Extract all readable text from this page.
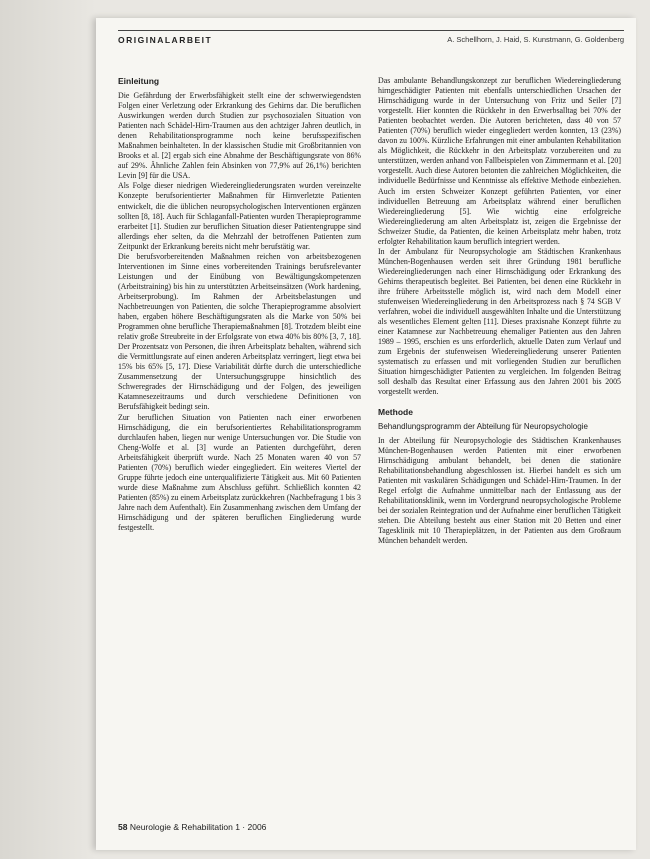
ORIGINALARBEIT	A. Schellhorn, J. Haid, S. Kunstmann, G. Goldenberg
Einleitung

Die Gefährdung der Erwerbsfähigkeit stellt eine der schwerwiegendsten Folgen einer Verletzung oder Erkrankung des Gehirns dar. Die beruflichen Auswirkungen werden durch Studien zur psychosozialen Situation von Patienten nach Schädel-Hirn-Traumen aus den achtziger Jahren deutlich, in denen Rehabilitationsprogramme noch keine berufsspezifischen Maßnahmen beinhalteten. In der klassischen Studie mit Großbritannien von Brooks et al. [2] ergab sich eine Abnahme der Beschäftigungsrate von 86% auf 29%. Ähnliche Zahlen fein Absinken von 77,9% auf 26,1%) berichten Levin [9] für die USA.

Als Folge dieser niedrigen Wiedereingliederungsraten wurden vereinzelte Konzepte berufsorientierter Maßnahmen für Hirnverletzte Patienten entwickelt, die die üblichen neuropsychologischen Interventionen ergänzen sollten [8, 18]. Auch für Schlaganfall-Patienten wurden Therapieprogramme erarbeitet [1]. Studien zur beruflichen Situation dieser Patientengruppe sind allerdings eher selten, da die Mehrzahl der betroffenen Patienten zum Zeitpunkt der Erkrankung bereits nicht mehr berufstätig war.

Die berufsvorbereitenden Maßnahmen reichen von arbeitsbezogenen Interventionen im Sinne eines vorbereitenden Trainings berufsrelevanter Leistungen und der Einübung von Bewältigungskompetenzen (Arbeitstraining) bis hin zu unterstützten Arbeitseinsätzen (Work hardening, Arbeitserprobung). Im Rahmen der Arbeitsbelastungen und Nachbetreuungen von Patienten, die solche Therapieprogramme absolviert haben, ergaben höhere Beschäftigungsraten als die Marke von 50% bei Programmen ohne berufliche Therapiemaßnahmen [8]. Trotzdem bleibt eine relativ große Streubreite in der Erfolgsrate von etwa 40% bis 80% [3, 7, 18]. Der Prozentsatz von Personen, die ihren Arbeitsplatz behalten, während sich die Vermittlungsrate auf einen anderen Arbeitsplatz verringert, liegt etwa bei 15% bis 65% [5, 17]. Diese Variabilität dürfte durch die unterschiedliche Zusammensetzung der Untersuchungsgruppe hinsichtlich des Schweregrades der Hirnschädigung und der Folgen, des jeweiligen Katamnesezeitraums und durch verschiedene Definitionen von Berufsfähigkeit bedingt sein.

Zur beruflichen Situation von Patienten nach einer erworbenen Hirnschädigung, die ein berufsorientiertes Rehabilitationsprogramm durchlaufen haben, liegen nur wenige Untersuchungen vor. Die Studie von Cheng-Wolfe et al. [3] wurde an Patienten durchgeführt, deren Arbeitsfähigkeit überprüft wurde. Nach 25 Monaten waren 40 von 57 Patienten (70%) beruflich wieder eingegliedert. Ein weiteres Viertel der Gruppe führte jedoch eine unterqualifizierte Tätigkeit aus. Mit 60 Patienten wurde diese Maßnahme zum Abschluss geführt. Schließlich konnten 42 Patienten (85%) zu einem Arbeitsplatz zurückkehren (Nachbefragung 1 bis 3 Jahre nach dem Aufenthalt). Ein Zusammenhang zwischen dem Umfang der Hirnschädigung und der späteren beruflichen Eingliederung wurde festgestellt.

Das ambulante Behandlungskonzept zur beruflichen Wiedereingliederung hirngeschädigter Patienten mit ebenfalls unterschiedlichen Ursachen der Hirnschädigung wurde in der Untersuchung von Fritz und Seiler [7] vorgestellt. Hier konnten die Rückkehr in den Erwerbsalltag bei 70% der Patienten beobachtet werden. Die Autoren berichteten, dass 40 von 57 Patienten (70%) beruflich wieder eingegliedert werden konnten, 13 (23%) davon zu 100%. Kürzliche Erfahrungen mit einer ambulanten Rehabilitation als Möglichkeit, die Rückkehr in den Arbeitsplatz vorzubereiten und zu unterstützen, werden anhand von Fallbeispielen von Zimmermann et al. [20] vorgestellt. Auch diese Autoren betonten die zahlreichen Möglichkeiten, die individuelle Bedürfnisse und Kenntnisse als effektive Methode einbeziehen. Auch im ersten Schweizer Konzept geführten Patienten, vor einer individuellen Betreuung am Arbeitsplatz während einer beruflichen Wiedereingliederung [5]. Wie wichtig eine erfolgreiche Wiedereingliederung am alten Arbeitsplatz ist, zeigen die Ergebnisse der Schweizer Studie, da Patienten, die keinen Arbeitsplatz mehr haben, trotz erfolgter Rehabilitation kaum beruflich integriert werden.

In der Ambulanz für Neuropsychologie am Städtischen Krankenhaus München-Bogenhausen werden seit ihrer Gründung 1981 berufliche Wiedereingliederungen nach einer Hirnschädigung oder Erkrankung des Gehirns therapeutisch begleitet. Bei Patienten, bei denen eine Rückkehr in ihre frühere Arbeitsstelle möglich ist, wird nach dem Modell einer stufenweisen Wiedereingliederung in den Arbeitsprozess nach § 74 SGB V verfahren, wobei die individuell ausgewählten Inhalte und die Unterstützung als wesentliches Element gelten [11]. Dieses praxisnahe Konzept führte zu einer Katamnese zur Nachbetreuung ehemaliger Patienten aus den Jahren 1989 – 1995, erschien es uns erforderlich, aktuelle Daten zum Verlauf und zum Ergebnis der stufenweisen Wiedereingliederung unserer Patienten systematisch zu erfassen und mit vorliegenden Studien zur beruflichen Situation hirngeschädigter Patienten zu vergleichen. Im folgenden Beitrag soll deshalb das Resultat einer Erfassung aus den Jahren 2001 bis 2005 vorgestellt werden.

Methode
Behandlungsprogramm der Abteilung für Neuropsychologie

In der Abteilung für Neuropsychologie des Städtischen Krankenhauses München-Bogenhausen werden Patienten mit einer erworbenen Hirnschädigung ambulant behandelt, bei denen die stationäre Rehabilitationsbehandlung abgeschlossen ist. Hierbei handelt es sich um Patienten mit vaskulären Schädigungen und Schädel-Hirn-Traumen. In der Regel erfolgt die Aufnahme unmittelbar nach der Entlassung aus der Rehabilitationsklinik, wenn im Vordergrund neuropsychologische Probleme bei der sozialen Reintegration und der Aufnahme einer beruflichen Tätigkeit stehen. Die Abteilung besteht aus einer Station mit 20 Betten und einer Tagesklinik mit 10 Therapieplätzen, in der Patienten aus dem Großraum München behandelt werden.

58 Neurologie & Rehabilitation 1 · 2006
